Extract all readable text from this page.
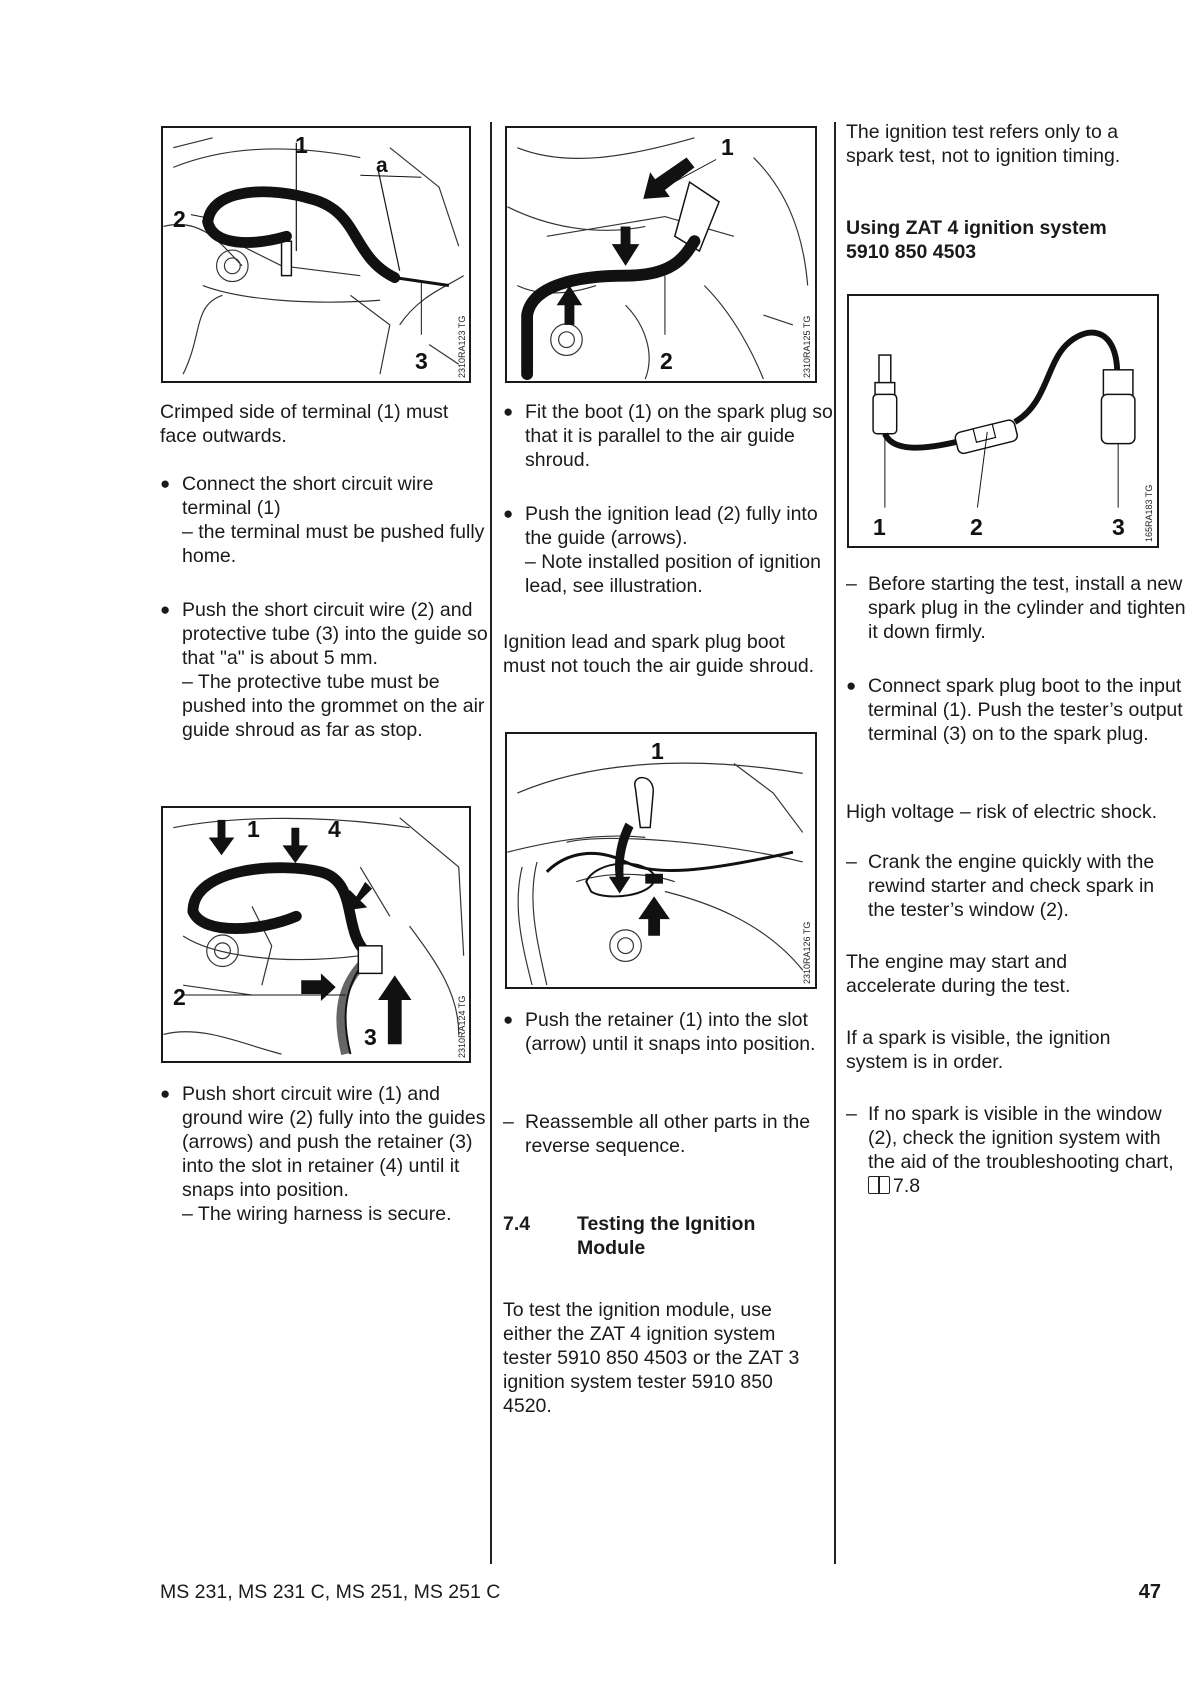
1
a
2
3	2310RA123 TG

Crimped side of terminal (1) must face outwards.

● Connect the short circuit wire terminal (1)
– the terminal must be pushed fully home.
● Push the short circuit wire (2) and protective tube (3) into the guide so that "a" is about 5 mm.
– The protective tube must be pushed into the grommet on the air guide shroud as far as stop.
1	4
2
3	2310RA124 TG
● Push short circuit wire (1) and ground wire (2) fully into the guides (arrows) and push the retainer (3) into the slot in retainer (4) until it snaps into position.
– The wiring harness is secure.
1
2	2310RA125 TG
● Fit the boot (1) on the spark plug so that it is parallel to the air guide shroud.
● Push the ignition lead (2) fully into the guide (arrows).
– Note installed position of ignition lead, see illustration.

Ignition lead and spark plug boot must not touch the air guide shroud.

1
2310RA126 TG
● Push the retainer (1) into the slot (arrow) until it snaps into position.
– Reassemble all other parts in the reverse sequence.
7.4 Testing the Ignition Module

To test the ignition module, use either the ZAT 4 ignition system tester 5910 850 4503 or the ZAT 3 ignition system tester 5910 850 4520.

The ignition test refers only to a spark test, not to ignition timing.

Using ZAT 4 ignition system 5910 850 4503

1	2	3 165RA183 TG
– Before starting the test, install a new spark plug in the cylinder and tighten it down firmly.
● Connect spark plug boot to the input terminal (1). Push the tester’s output terminal (3) on to the spark plug.

High voltage – risk of electric shock.

– Crank the engine quickly with the rewind starter and check spark in the tester’s window (2).

The engine may start and accelerate during the test.

If a spark is visible, the ignition system is in order.

– If no spark is visible in the window (2), check the ignition system with the aid of the troubleshooting chart, 7.8
MS 231, MS 231 C, MS 251, MS 251 C	47
